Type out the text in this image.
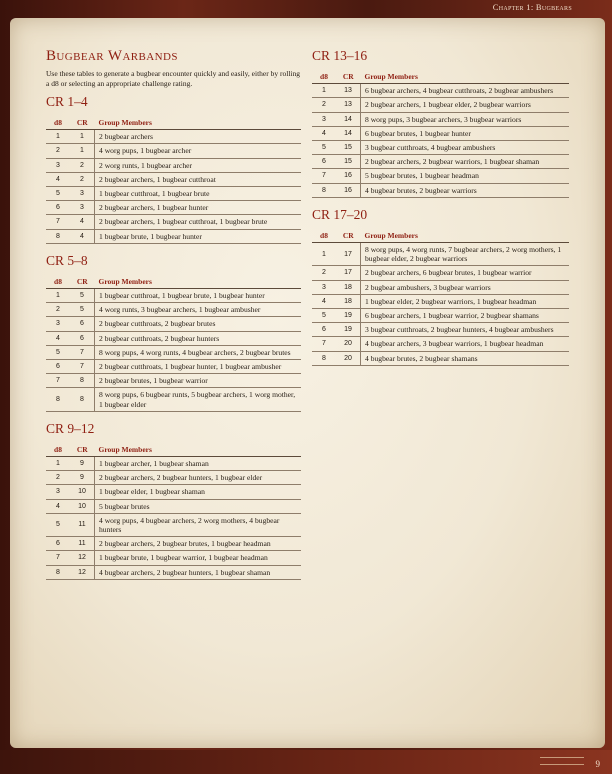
Chapter 1: Bugbears
Bugbear Warbands

Use these tables to generate a bugbear encounter quickly and easily, either by rolling a d8 or selecting an appropriate challenge rating.

CR 1–4
d8	CR	Group Members
1	1	2 bugbear archers
2	1	4 worg pups, 1 bugbear archer
3	2	2 worg runts, 1 bugbear archer
4	2	2 bugbear archers, 1 bugbear cutthroat
5	3	1 bugbear cutthroat, 1 bugbear brute
6	3	2 bugbear archers, 1 bugbear hunter
7	4	2 bugbear archers, 1 bugbear cutthroat, 1 bugbear brute
8	4	1 bugbear brute, 1 bugbear hunter
CR 5–8
d8	CR	Group Members
1	5	1 bugbear cutthroat, 1 bugbear brute, 1 bugbear hunter
2	5	4 worg runts, 3 bugbear archers, 1 bugbear ambusher
3	6	2 bugbear cutthroats, 2 bugbear brutes
4	6	2 bugbear cutthroats, 2 bugbear hunters
5	7	8 worg pups, 4 worg runts, 4 bugbear archers, 2 bugbear brutes
6	7	2 bugbear cutthroats, 1 bugbear hunter, 1 bugbear ambusher
7	8	2 bugbear brutes, 1 bugbear warrior
8	8	8 worg pups, 6 bugbear runts, 5 bugbear archers, 1 worg mother, 1 bugbear elder
CR 9–12
d8	CR	Group Members
1	9	1 bugbear archer, 1 bugbear shaman
2	9	2 bugbear archers, 2 bugbear hunters, 1 bugbear elder
3	10	1 bugbear elder, 1 bugbear shaman
4	10	5 bugbear brutes
5	11	4 worg pups, 4 bugbear archers, 2 worg mothers, 4 bugbear hunters
6	11	2 bugbear archers, 2 bugbear brutes, 1 bugbear headman
7	12	1 bugbear brute, 1 bugbear warrior, 1 bugbear headman
8	12	4 bugbear archers, 2 bugbear hunters, 1 bugbear shaman
CR 13–16
d8	CR	Group Members
1	13	6 bugbear archers, 4 bugbear cutthroats, 2 bugbear ambushers
2	13	2 bugbear archers, 1 bugbear elder, 2 bugbear warriors
3	14	8 worg pups, 3 bugbear archers, 3 bugbear warriors
4	14	6 bugbear brutes, 1 bugbear hunter
5	15	3 bugbear cutthroats, 4 bugbear ambushers
6	15	2 bugbear archers, 2 bugbear warriors, 1 bugbear shaman
7	16	5 bugbear brutes, 1 bugbear headman
8	16	4 bugbear brutes, 2 bugbear warriors
CR 17–20
d8	CR	Group Members
1	17	8 worg pups, 4 worg runts, 7 bugbear archers, 2 worg mothers, 1 bugbear elder, 2 bugbear warriors
2	17	2 bugbear archers, 6 bugbear brutes, 1 bugbear warrior
3	18	2 bugbear ambushers, 3 bugbear warriors
4	18	1 bugbear elder, 2 bugbear warriors, 1 bugbear headman
5	19	6 bugbear archers, 1 bugbear warrior, 2 bugbear shamans
6	19	3 bugbear cutthroats, 2 bugbear hunters, 4 bugbear ambushers
7	20	4 bugbear archers, 3 bugbear warriors, 1 bugbear headman
8	20	4 bugbear brutes, 2 bugbear shamans
9
